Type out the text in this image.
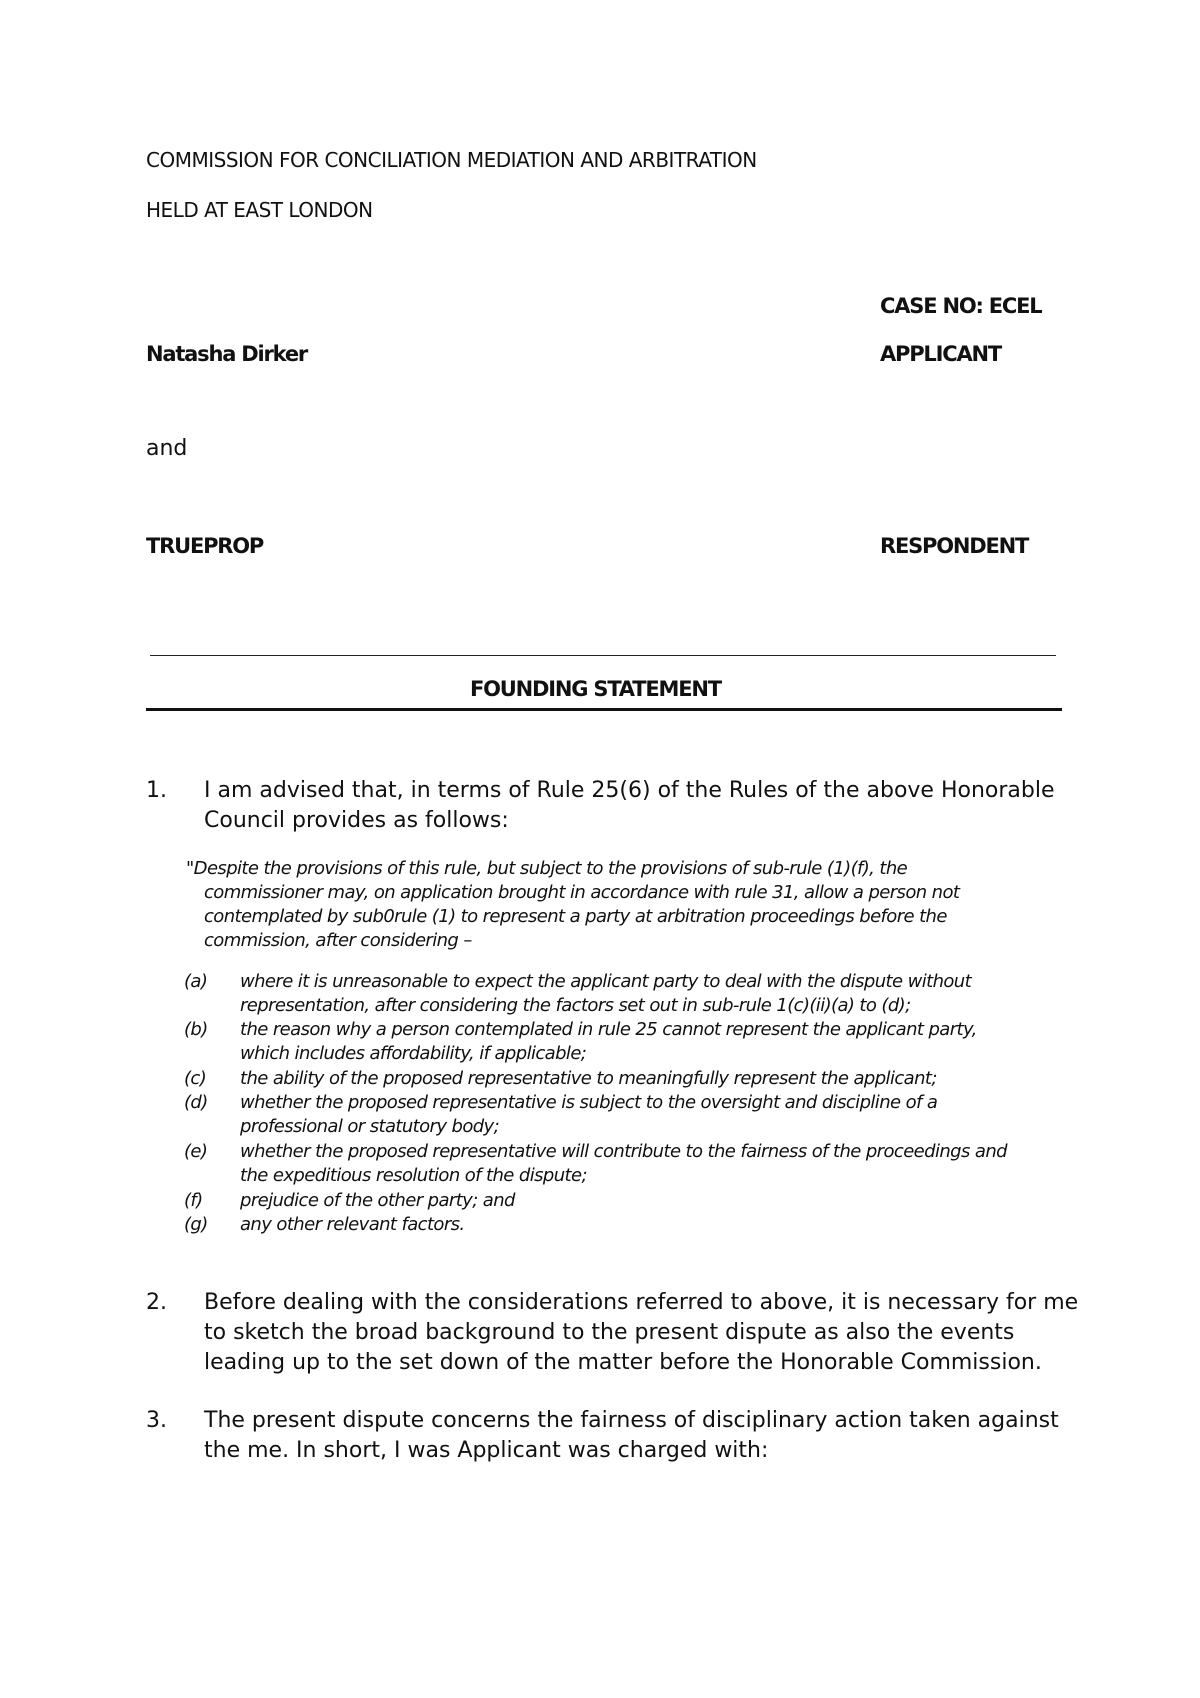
COMMISSION FOR CONCILIATION MEDIATION AND ARBITRATION
HELD AT EAST LONDON
CASE NO: ECEL
Natasha Dirker	APPLICANT
and
TRUEPROP	RESPONDENT
FOUNDING STATEMENT
1. I am advised that, in terms of Rule 25(6) of the Rules of the above Honorable
Council provides as follows:
"Despite the provisions of this rule, but subject to the provisions of sub-rule (1)(f), the
commissioner may, on application brought in accordance with rule 31, allow a person not
contemplated by sub0rule (1) to represent a party at arbitration proceedings before the
commission, after considering –
(a) where it is unreasonable to expect the applicant party to deal with the dispute without
representation, after considering the factors set out in sub-rule 1(c)(ii)(a) to (d);
(b) the reason why a person contemplated in rule 25 cannot represent the applicant party,
which includes affordability, if applicable;
(c) the ability of the proposed representative to meaningfully represent the applicant;
(d) whether the proposed representative is subject to the oversight and discipline of a
professional or statutory body;
(e) whether the proposed representative will contribute to the fairness of the proceedings and
the expeditious resolution of the dispute;
(f) prejudice of the other party; and
(g) any other relevant factors.
2. Before dealing with the considerations referred to above, it is necessary for me
to sketch the broad background to the present dispute as also the events
leading up to the set down of the matter before the Honorable Commission.
3. The present dispute concerns the fairness of disciplinary action taken against
the me. In short, I was Applicant was charged with:
